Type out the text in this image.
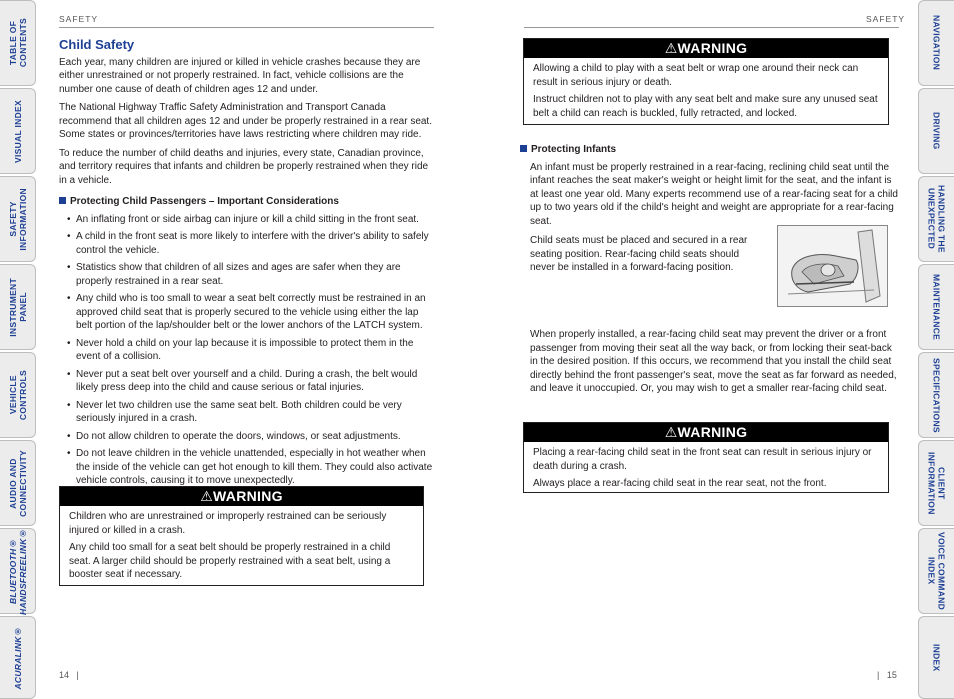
TABLE OF
CONTENTS
VISUAL INDEX
SAFETY
INFORMATION
INSTRUMENT
PANEL
VEHICLE
CONTROLS
AUDIO AND
CONNECTIVITY
BLUETOOTH®
HANDSFREELINK®
ACURALINK®
NAVIGATION
DRIVING
HANDLING THE
UNEXPECTED
MAINTENANCE
SPECIFICATIONS
CLIENT
INFORMATION
VOICE COMMAND
INDEX
INDEX
SAFETY
Child Safety

Each year, many children are injured or killed in vehicle crashes because they are either unrestrained or not properly restrained. In fact, vehicle collisions are the number one cause of death of children ages 12 and under.

The National Highway Traffic Safety Administration and Transport Canada recommend that all children ages 12 and under be properly restrained in a rear seat. Some states or provinces/territories have laws restricting where children may ride.

To reduce the number of child deaths and injuries, every state, Canadian province, and territory requires that infants and children be properly restrained when they ride in a vehicle.

Protecting Child Passengers – Important Considerations
• An inflating front or side airbag can injure or kill a child sitting in the front seat.
• A child in the front seat is more likely to interfere with the driver's ability to safely control the vehicle.
• Statistics show that children of all sizes and ages are safer when they are properly restrained in a rear seat.
• Any child who is too small to wear a seat belt correctly must be restrained in an approved child seat that is properly secured to the vehicle using either the lap belt portion of the lap/shoulder belt or the lower anchors of the LATCH system.
• Never hold a child on your lap because it is impossible to protect them in the event of a collision.
• Never put a seat belt over yourself and a child. During a crash, the belt would likely press deep into the child and cause serious or fatal injuries.
• Never let two children use the same seat belt. Both children could be very seriously injured in a crash.
• Do not allow children to operate the doors, windows, or seat adjustments.
• Do not leave children in the vehicle unattended, especially in hot weather when the inside of the vehicle can get hot enough to kill them. They could also activate vehicle controls, causing it to move unexpectedly.
⚠WARNING

Children who are unrestrained or improperly restrained can be seriously injured or killed in a crash.

Any child too small for a seat belt should be properly restrained in a child seat. A larger child should be properly restrained with a seat belt, using a booster seat if necessary.

14   |
SAFETY
⚠WARNING

Allowing a child to play with a seat belt or wrap one around their neck can result in serious injury or death.

Instruct children not to play with any seat belt and make sure any unused seat belt a child can reach is buckled, fully retracted, and locked.

Protecting Infants

An infant must be properly restrained in a rear-facing, reclining child seat until the infant reaches the seat maker's weight or height limit for the seat, and the infant is at least one year old. Many experts recommend use of a rear-facing seat for a child up to two years old if the child's height and weight are appropriate for a rear-facing seat.

Child seats must be placed and secured in a rear seating position. Rear-facing child seats should never be installed in a forward-facing position.

When properly installed, a rear-facing child seat may prevent the driver or a front passenger from moving their seat all the way back, or from locking their seat-back in the desired position. If this occurs, we recommend that you install the child seat directly behind the front passenger's seat, move the seat as far forward as needed, and leave it unoccupied. Or, you may wish to get a smaller rear-facing child seat.

⚠WARNING

Placing a rear-facing child seat in the front seat can result in serious injury or death during a crash.

Always place a rear-facing child seat in the rear seat, not the front.

|   15
